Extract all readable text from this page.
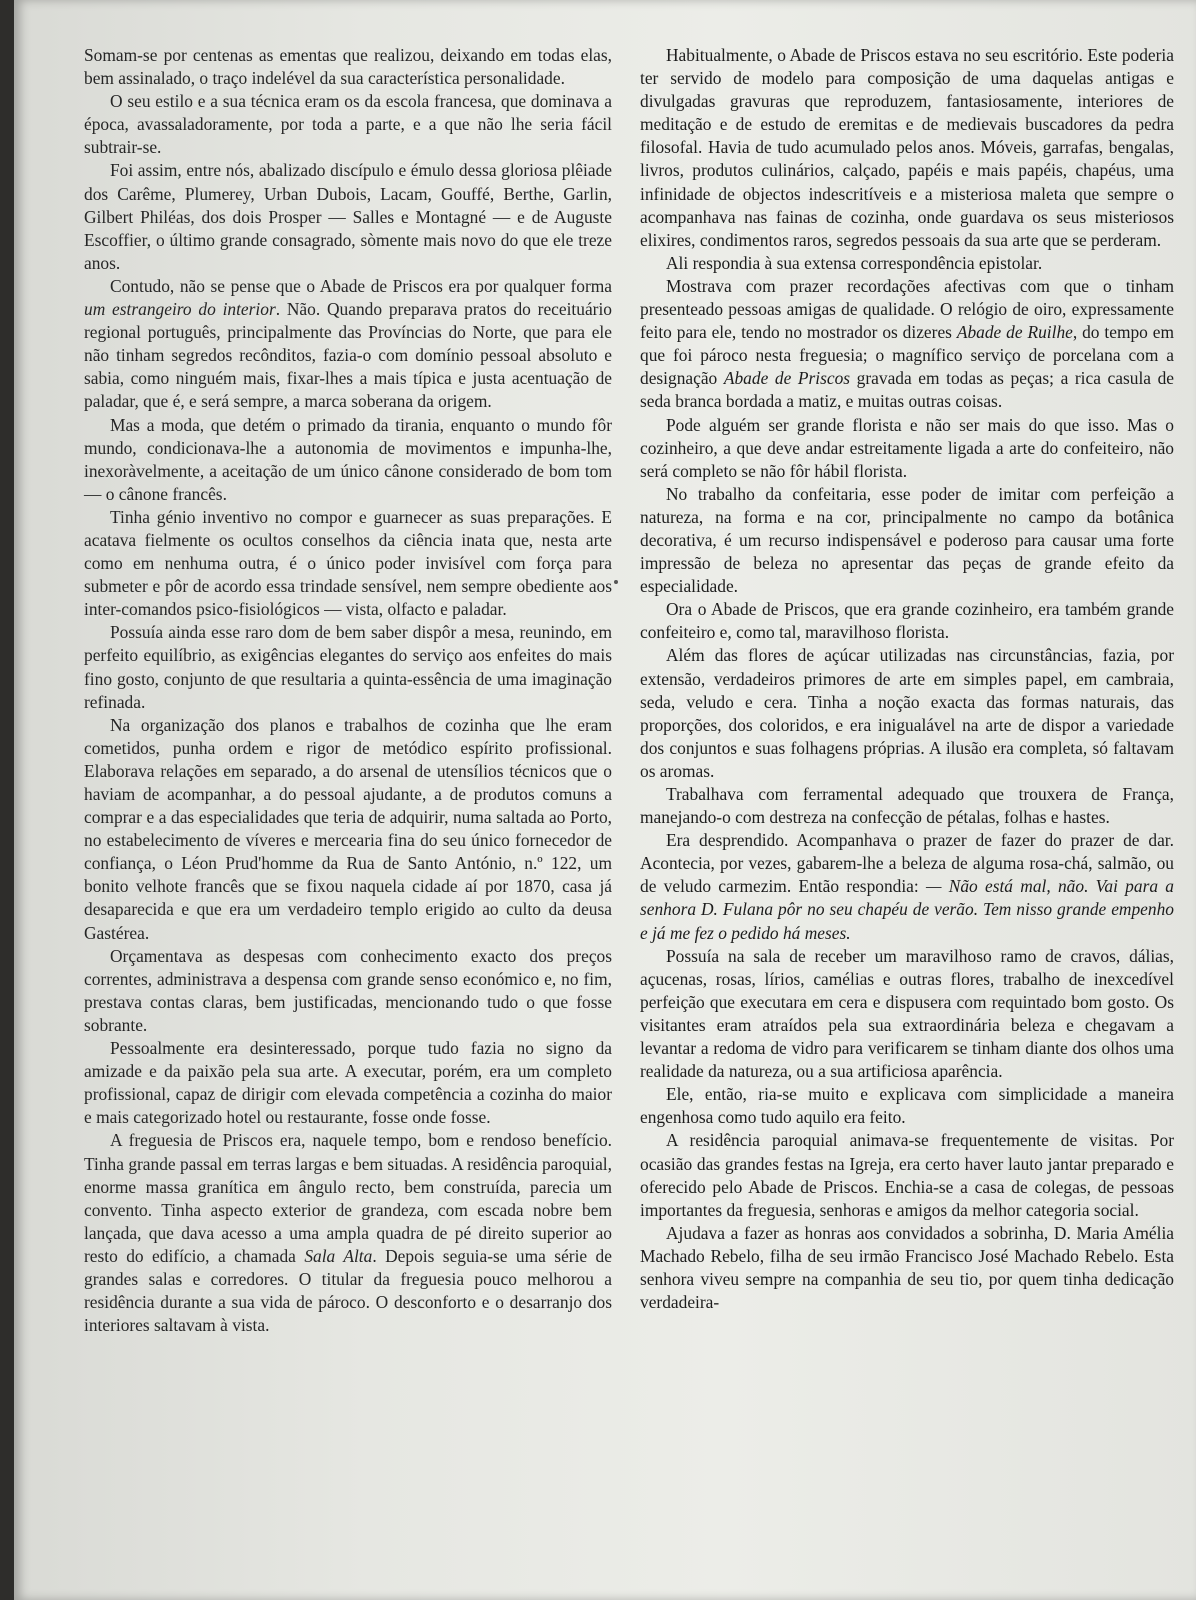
Somam-se por centenas as ementas que realizou, deixando em todas elas, bem assinalado, o traço indelével da sua característica personalidade.

O seu estilo e a sua técnica eram os da escola francesa, que dominava a época, avassaladoramente, por toda a parte, e a que não lhe seria fácil subtrair-se.

Foi assim, entre nós, abalizado discípulo e émulo dessa gloriosa plêiade dos Carême, Plumerey, Urban Dubois, Lacam, Gouffé, Berthe, Garlin, Gilbert Philéas, dos dois Prosper — Salles e Montagné — e de Auguste Escoffier, o último grande consagrado, sòmente mais novo do que ele treze anos.

Contudo, não se pense que o Abade de Priscos era por qualquer forma um estrangeiro do interior. Não. Quando preparava pratos do receituário regional português, principalmente das Províncias do Norte, que para ele não tinham segredos recônditos, fazia-o com domínio pessoal absoluto e sabia, como ninguém mais, fixar-lhes a mais típica e justa acentuação de paladar, que é, e será sempre, a marca soberana da origem.

Mas a moda, que detém o primado da tirania, enquanto o mundo fôr mundo, condicionava-lhe a autonomia de movimentos e impunha-lhe, inexoràvelmente, a aceitação de um único cânone considerado de bom tom — o cânone francês.

Tinha génio inventivo no compor e guarnecer as suas preparações. E acatava fielmente os ocultos conselhos da ciência inata que, nesta arte como em nenhuma outra, é o único poder invisível com força para submeter e pôr de acordo essa trindade sensível, nem sempre obediente aos inter-comandos psico-fisiológicos — vista, olfacto e paladar.

Possuía ainda esse raro dom de bem saber dispôr a mesa, reunindo, em perfeito equilíbrio, as exigências elegantes do serviço aos enfeites do mais fino gosto, conjunto de que resultaria a quinta-essência de uma imaginação refinada.

Na organização dos planos e trabalhos de cozinha que lhe eram cometidos, punha ordem e rigor de metódico espírito profissional. Elaborava relações em separado, a do arsenal de utensílios técnicos que o haviam de acompanhar, a do pessoal ajudante, a de produtos comuns a comprar e a das especialidades que teria de adquirir, numa saltada ao Porto, no estabelecimento de víveres e mercearia fina do seu único fornecedor de confiança, o Léon Prud'homme da Rua de Santo António, n.º 122, um bonito velhote francês que se fixou naquela cidade aí por 1870, casa já desaparecida e que era um verdadeiro templo erigido ao culto da deusa Gastérea.

Orçamentava as despesas com conhecimento exacto dos preços correntes, administrava a despensa com grande senso económico e, no fim, prestava contas claras, bem justificadas, mencionando tudo o que fosse sobrante.

Pessoalmente era desinteressado, porque tudo fazia no signo da amizade e da paixão pela sua arte. A executar, porém, era um completo profissional, capaz de dirigir com elevada competência a cozinha do maior e mais categorizado hotel ou restaurante, fosse onde fosse.

A freguesia de Priscos era, naquele tempo, bom e rendoso benefício. Tinha grande passal em terras largas e bem situadas. A residência paroquial, enorme massa granítica em ângulo recto, bem construída, parecia um convento. Tinha aspecto exterior de grandeza, com escada nobre bem lançada, que dava acesso a uma ampla quadra de pé direito superior ao resto do edifício, a chamada Sala Alta. Depois seguia-se uma série de grandes salas e corredores. O titular da freguesia pouco melhorou a residência durante a sua vida de pároco. O desconforto e o desarranjo dos interiores saltavam à vista.

Habitualmente, o Abade de Priscos estava no seu escritório. Este poderia ter servido de modelo para composição de uma daquelas antigas e divulgadas gravuras que reproduzem, fantasiosamente, interiores de meditação e de estudo de eremitas e de medievais buscadores da pedra filosofal. Havia de tudo acumulado pelos anos. Móveis, garrafas, bengalas, livros, produtos culinários, calçado, papéis e mais papéis, chapéus, uma infinidade de objectos indescritíveis e a misteriosa maleta que sempre o acompanhava nas fainas de cozinha, onde guardava os seus misteriosos elixires, condimentos raros, segredos pessoais da sua arte que se perderam.

Ali respondia à sua extensa correspondência epistolar.

Mostrava com prazer recordações afectivas com que o tinham presenteado pessoas amigas de qualidade. O relógio de oiro, expressamente feito para ele, tendo no mostrador os dizeres Abade de Ruilhe, do tempo em que foi pároco nesta freguesia; o magnífico serviço de porcelana com a designação Abade de Priscos gravada em todas as peças; a rica casula de seda branca bordada a matiz, e muitas outras coisas.

Pode alguém ser grande florista e não ser mais do que isso. Mas o cozinheiro, a que deve andar estreitamente ligada a arte do confeiteiro, não será completo se não fôr hábil florista.

No trabalho da confeitaria, esse poder de imitar com perfeição a natureza, na forma e na cor, principalmente no campo da botânica decorativa, é um recurso indispensável e poderoso para causar uma forte impressão de beleza no apresentar das peças de grande efeito da especialidade.

Ora o Abade de Priscos, que era grande cozinheiro, era também grande confeiteiro e, como tal, maravilhoso florista.

Além das flores de açúcar utilizadas nas circunstâncias, fazia, por extensão, verdadeiros primores de arte em simples papel, em cambraia, seda, veludo e cera. Tinha a noção exacta das formas naturais, das proporções, dos coloridos, e era inigualável na arte de dispor a variedade dos conjuntos e suas folhagens próprias. A ilusão era completa, só faltavam os aromas.

Trabalhava com ferramental adequado que trouxera de França, manejando-o com destreza na confecção de pétalas, folhas e hastes.

Era desprendido. Acompanhava o prazer de fazer do prazer de dar. Acontecia, por vezes, gabarem-lhe a beleza de alguma rosa-chá, salmão, ou de veludo carmezim. Então respondia: — Não está mal, não. Vai para a senhora D. Fulana pôr no seu chapéu de verão. Tem nisso grande empenho e já me fez o pedido há meses.

Possuía na sala de receber um maravilhoso ramo de cravos, dálias, açucenas, rosas, lírios, camélias e outras flores, trabalho de inexcedível perfeição que executara em cera e dispusera com requintado bom gosto. Os visitantes eram atraídos pela sua extraordinária beleza e chegavam a levantar a redoma de vidro para verificarem se tinham diante dos olhos uma realidade da natureza, ou a sua artificiosa aparência.

Ele, então, ria-se muito e explicava com simplicidade a maneira engenhosa como tudo aquilo era feito.

A residência paroquial animava-se frequentemente de visitas. Por ocasião das grandes festas na Igreja, era certo haver lauto jantar preparado e oferecido pelo Abade de Priscos. Enchia-se a casa de colegas, de pessoas importantes da freguesia, senhoras e amigos da melhor categoria social.

Ajudava a fazer as honras aos convidados a sobrinha, D. Maria Amélia Machado Rebelo, filha de seu irmão Francisco José Machado Rebelo. Esta senhora viveu sempre na companhia de seu tio, por quem tinha dedicação verdadeira-
